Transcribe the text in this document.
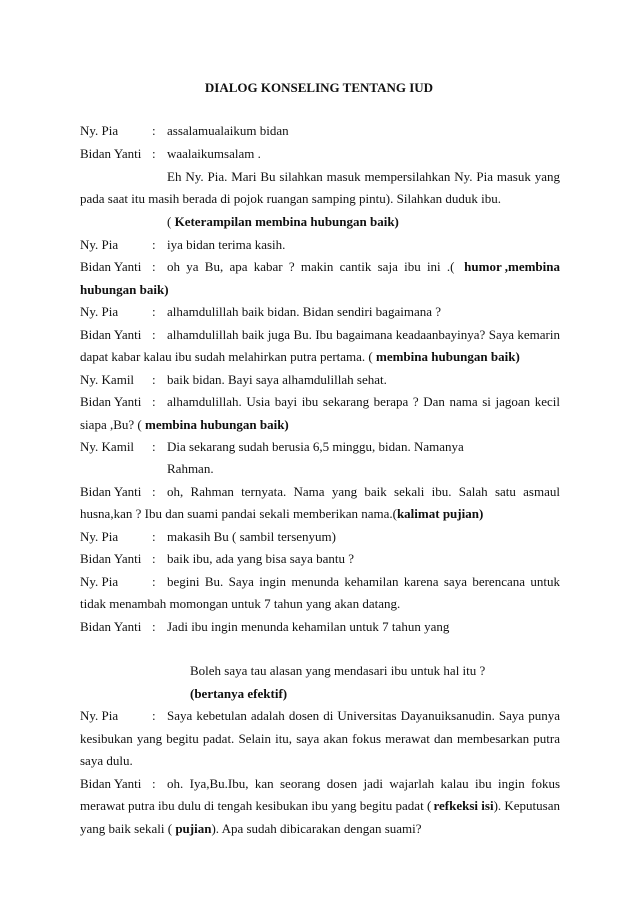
DIALOG KONSELING TENTANG IUD
Ny. Pia	: assalamualaikum bidan
Bidan Yanti : waalaikumsalam .
Eh Ny. Pia. Mari Bu silahkan masuk mempersilahkan Ny. Pia masuk yang
pada saat itu masih berada di pojok ruangan samping pintu). Silahkan duduk ibu.
( Keterampilan membina hubungan baik)
Ny. Pia	: iya bidan terima kasih.
Bidan Yanti : oh ya Bu, apa kabar ? makin cantik saja ibu ini .( humor ,membina
hubungan baik)
Ny. Pia	: alhamdulillah baik bidan. Bidan sendiri bagaimana ?
Bidan Yanti : alhamdulillah baik juga Bu. Ibu bagaimana keadaanbayinya? Saya kemarin
dapat kabar kalau ibu sudah melahirkan putra pertama. ( membina hubungan baik)
Ny. Kamil : baik bidan. Bayi saya alhamdulillah sehat.
Bidan Yanti : alhamdulillah. Usia bayi ibu sekarang berapa ? Dan nama si jagoan kecil
siapa ,Bu? ( membina hubungan baik)
Ny. Kamil : Dia sekarang sudah berusia 6,5 minggu, bidan. Namanya
Rahman.
Bidan Yanti : oh, Rahman ternyata. Nama yang baik sekali ibu. Salah satu asmaul
husna,kan ? Ibu dan suami pandai sekali memberikan nama.(kalimat pujian)
Ny. Pia	: makasih Bu ( sambil tersenyum)
Bidan Yanti : baik ibu, ada yang bisa saya bantu ?
Ny. Pia	: begini Bu. Saya ingin menunda kehamilan karena saya berencana untuk
tidak menambah momongan untuk 7 tahun yang akan datang.
Bidan Yanti : Jadi ibu ingin menunda kehamilan untuk 7 tahun yang
Boleh saya tau alasan yang mendasari ibu untuk hal itu ?
(bertanya efektif)
Ny. Pia	: Saya kebetulan adalah dosen di Universitas Dayanuiksanudin. Saya punya
kesibukan yang begitu padat. Selain itu, saya akan fokus merawat dan membesarkan putra
saya dulu.
Bidan Yanti : oh. Iya,Bu.Ibu, kan seorang dosen jadi wajarlah kalau ibu ingin fokus
merawat putra ibu dulu di tengah kesibukan ibu yang begitu padat ( refkeksi isi). Keputusan
yang baik sekali ( pujian). Apa sudah dibicarakan dengan suami?
